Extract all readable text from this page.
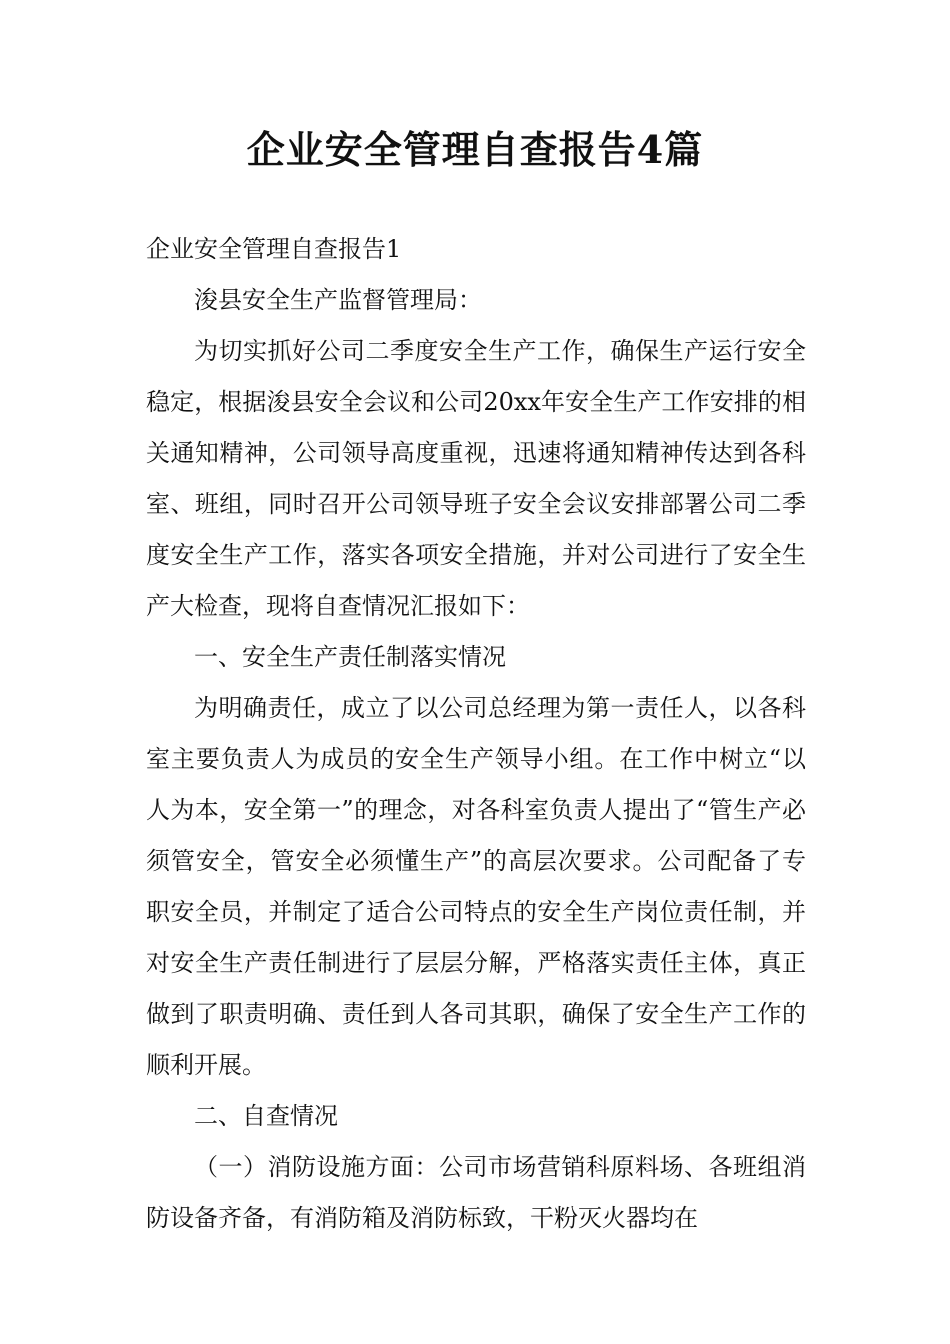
企业安全管理自查报告4篇

企业安全管理自查报告1

浚县安全生产监督管理局：

为切实抓好公司二季度安全生产工作，确保生产运行安全稳定，根据浚县安全会议和公司20xx年安全生产工作安排的相关通知精神，公司领导高度重视，迅速将通知精神传达到各科室、班组，同时召开公司领导班子安全会议安排部署公司二季度安全生产工作，落实各项安全措施，并对公司进行了安全生产大检查，现将自查情况汇报如下：

一、安全生产责任制落实情况

为明确责任，成立了以公司总经理为第一责任人，以各科室主要负责人为成员的安全生产领导小组。在工作中树立“以人为本，安全第一”的理念，对各科室负责人提出了“管生产必须管安全，管安全必须懂生产”的高层次要求。公司配备了专职安全员，并制定了适合公司特点的安全生产岗位责任制，并对安全生产责任制进行了层层分解，严格落实责任主体，真正做到了职责明确、责任到人各司其职，确保了安全生产工作的顺利开展。

二、自查情况

（一）消防设施方面：公司市场营销科原料场、各班组消防设备齐备，有消防箱及消防标致，干粉灭火器均在
